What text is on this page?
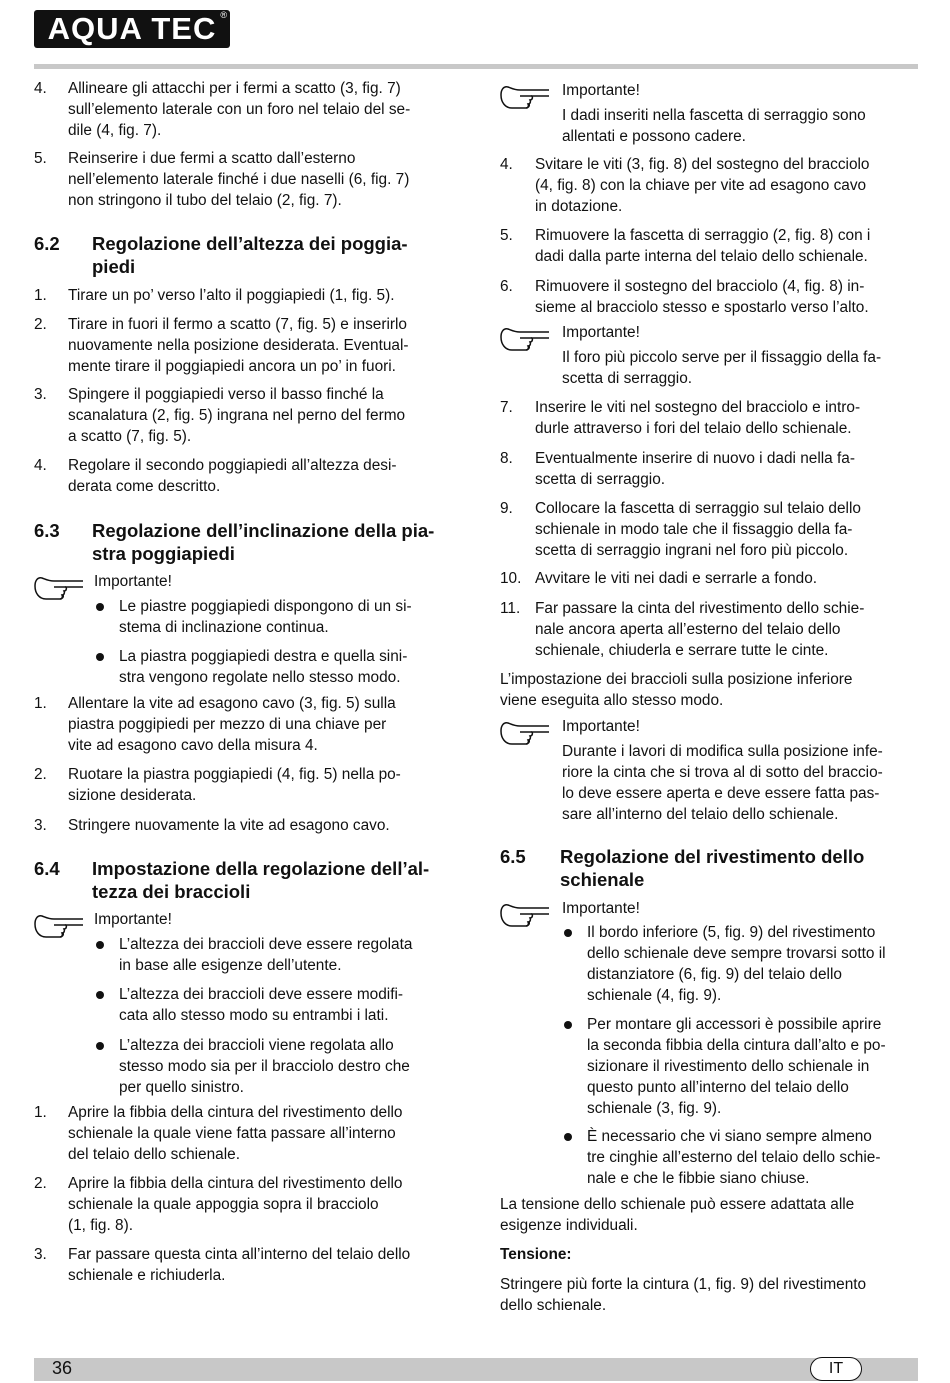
AQUA TEC ®
4. Allineare gli attacchi per i fermi a scatto (3, fig. 7)
sull’elemento laterale con un foro nel telaio del se-
dile (4, fig. 7).
5. Reinserire i due fermi a scatto dall’esterno
nell’elemento laterale finché i due naselli (6, fig. 7)
non stringono il tubo del telaio (2, fig. 7).
6.2 Regolazione dell’altezza dei poggia-
piedi
1. Tirare un po’ verso l’alto il poggiapiedi (1, fig. 5).
2. Tirare in fuori il fermo a scatto (7, fig. 5) e inserirlo
nuovamente nella posizione desiderata. Eventual-
mente tirare il poggiapiedi ancora un po’ in fuori.
3. Spingere il poggiapiedi verso il basso finché la
scanalatura (2, fig. 5) ingrana nel perno del fermo
a scatto (7, fig. 5).
4. Regolare il secondo poggiapiedi all’altezza desi-
derata come descritto.
6.3 Regolazione dell’inclinazione della pia-
stra poggiapiedi
Importante!
Le piastre poggiapiedi dispongono di un si-
stema di inclinazione continua.
La piastra poggiapiedi destra e quella sini-
stra vengono regolate nello stesso modo.
1. Allentare la vite ad esagono cavo (3, fig. 5) sulla
piastra poggipiedi per mezzo di una chiave per
vite ad esagono cavo della misura 4.
2. Ruotare la piastra poggiapiedi (4, fig. 5) nella po-
sizione desiderata.
3. Stringere nuovamente la vite ad esagono cavo.
6.4 Impostazione della regolazione dell’al-
tezza dei braccioli
Importante!
L’altezza dei braccioli deve essere regolata
in base alle esigenze dell’utente.
L’altezza dei braccioli deve essere modifi-
cata allo stesso modo su entrambi i lati.
L’altezza dei braccioli viene regolata allo
stesso modo sia per il bracciolo destro che
per quello sinistro.
1. Aprire la fibbia della cintura del rivestimento dello
schienale la quale viene fatta passare all’interno
del telaio dello schienale.
2. Aprire la fibbia della cintura del rivestimento dello
schienale la quale appoggia sopra il bracciolo
(1, fig. 8).
3. Far passare questa cinta all’interno del telaio dello
schienale e richiuderla.
Importante!
I dadi inseriti nella fascetta di serraggio sono
allentati e possono cadere.
4. Svitare le viti (3, fig. 8) del sostegno del bracciolo
(4, fig. 8) con la chiave per vite ad esagono cavo
in dotazione.
5. Rimuovere la fascetta di serraggio (2, fig. 8) con i
dadi dalla parte interna del telaio dello schienale.
6. Rimuovere il sostegno del bracciolo (4, fig. 8) in-
sieme al bracciolo stesso e spostarlo verso l’alto.
Importante!
Il foro più piccolo serve per il fissaggio della fa-
scetta di serraggio.
7. Inserire le viti nel sostegno del bracciolo e intro-
durle attraverso i fori del telaio dello schienale.
8. Eventualmente inserire di nuovo i dadi nella fa-
scetta di serraggio.
9. Collocare la fascetta di serraggio sul telaio dello
schienale in modo tale che il fissaggio della fa-
scetta di serraggio ingrani nel foro più piccolo.
10. Avvitare le viti nei dadi e serrarle a fondo.
11. Far passare la cinta del rivestimento dello schie-
nale ancora aperta all’esterno del telaio dello
schienale, chiuderla e serrare tutte le cinte.
L’impostazione dei braccioli sulla posizione inferiore
viene eseguita allo stesso modo.
Importante!
Durante i lavori di modifica sulla posizione infe-
riore la cinta che si trova al di sotto del braccio-
lo deve essere aperta e deve essere fatta pas-
sare all’interno del telaio dello schienale.
6.5 Regolazione del rivestimento dello
schienale
Importante!
Il bordo inferiore (5, fig. 9) del rivestimento
dello schienale deve sempre trovarsi sotto il
distanziatore (6, fig. 9) del telaio dello
schienale (4, fig. 9).
Per montare gli accessori è possibile aprire
la seconda fibbia della cintura dall’alto e po-
sizionare il rivestimento dello schienale in
questo punto all’interno del telaio dello
schienale (3, fig. 9).
È necessario che vi siano sempre almeno
tre cinghie all’esterno del telaio dello schie-
nale e che le fibbie siano chiuse.
La tensione dello schienale può essere adattata alle
esigenze individuali.
Tensione:
Stringere più forte la cintura (1, fig. 9) del rivestimento
dello schienale.
36	IT
